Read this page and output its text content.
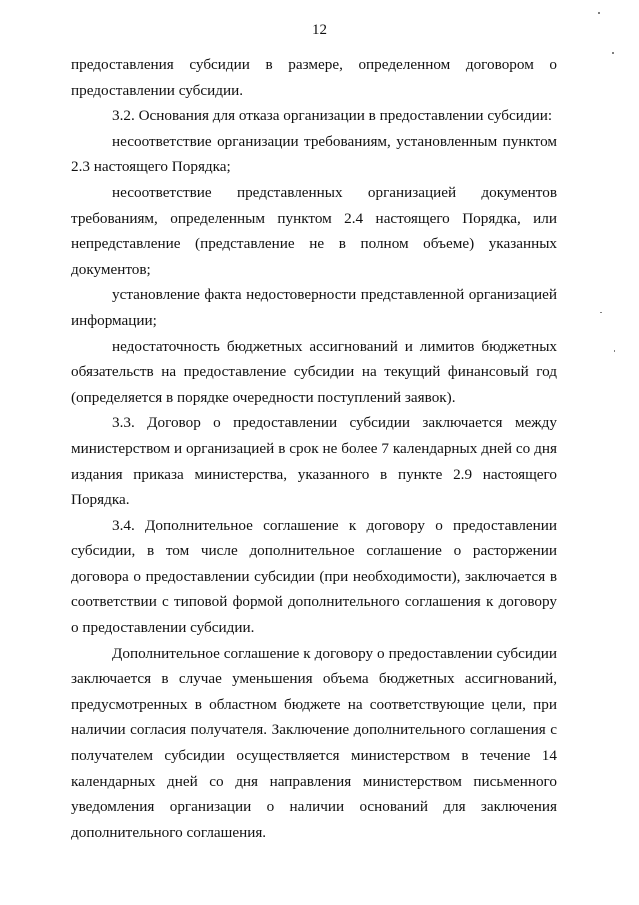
12

предоставления субсидии в размере, определенном договором о предоставлении субсидии.

3.2. Основания для отказа организации в предоставлении субсидии:

несоответствие организации требованиям, установленным пунктом 2.3 настоящего Порядка;

несоответствие представленных организацией документов требованиям, определенным пунктом 2.4 настоящего Порядка, или непредставление (представление не в полном объеме) указанных документов;

установление факта недостоверности представленной организацией информации;

недостаточность бюджетных ассигнований и лимитов бюджетных обязательств на предоставление субсидии на текущий финансовый год (определяется в порядке очередности поступлений заявок).

3.3. Договор о предоставлении субсидии заключается между министерством и организацией в срок не более 7 календарных дней со дня издания приказа министерства, указанного в пункте 2.9 настоящего Порядка.

3.4. Дополнительное соглашение к договору о предоставлении субсидии, в том числе дополнительное соглашение о расторжении договора о предоставлении субсидии (при необходимости), заключается в соответствии с типовой формой дополнительного соглашения к договору о предоставлении субсидии.

Дополнительное соглашение к договору о предоставлении субсидии заключается в случае уменьшения объема бюджетных ассигнований, предусмотренных в областном бюджете на соответствующие цели, при наличии согласия получателя. Заключение дополнительного соглашения с получателем субсидии осуществляется министерством в течение 14 календарных дней со дня направления министерством письменного уведомления организации о наличии оснований для заключения дополнительного соглашения.
